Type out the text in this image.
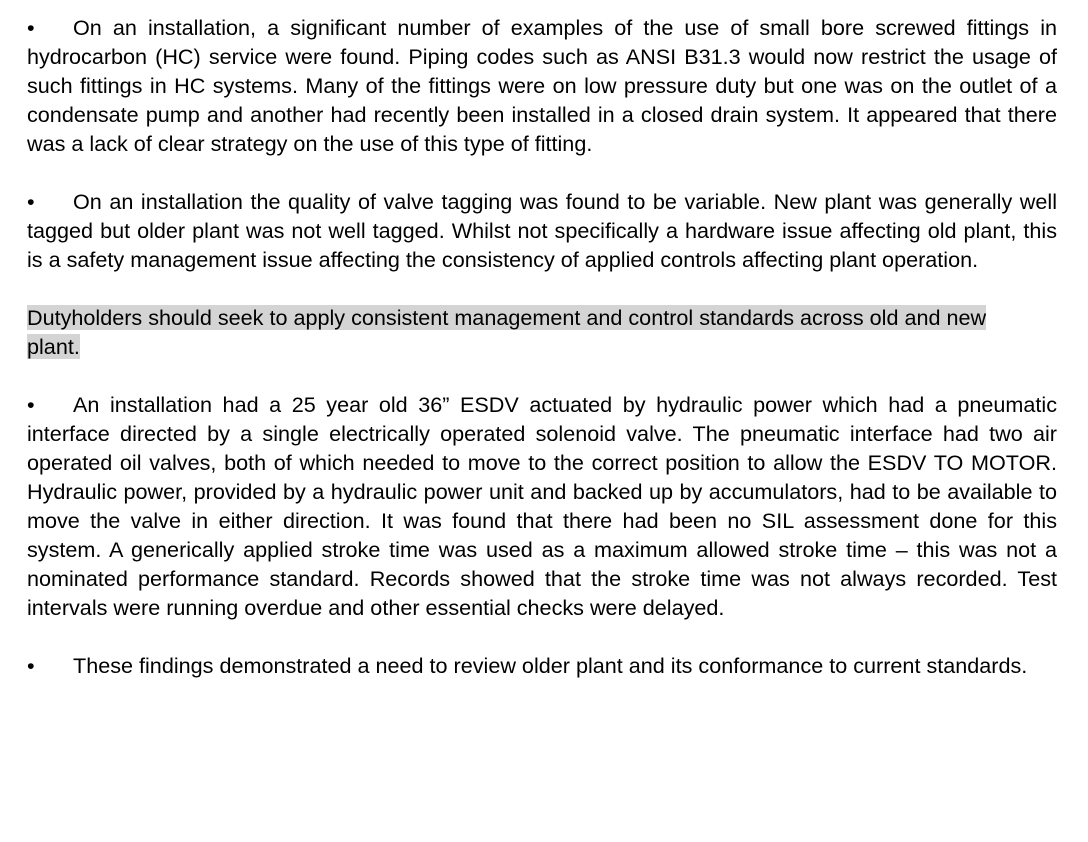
• On an installation, a significant number of examples of the use of small bore screwed fittings in hydrocarbon (HC) service were found. Piping codes such as ANSI B31.3 would now restrict the usage of such fittings in HC systems. Many of the fittings were on low pressure duty but one was on the outlet of a condensate pump and another had recently been installed in a closed drain system. It appeared that there was a lack of clear strategy on the use of this type of fitting.

• On an installation the quality of valve tagging was found to be variable. New plant was generally well tagged but older plant was not well tagged. Whilst not specifically a hardware issue affecting old plant, this is a safety management issue affecting the consistency of applied controls affecting plant operation.

Dutyholders should seek to apply consistent management and control standards across old and new plant.

• An installation had a 25 year old 36” ESDV actuated by hydraulic power which had a pneumatic interface directed by a single electrically operated solenoid valve. The pneumatic interface had two air operated oil valves, both of which needed to move to the correct position to allow the ESDV TO MOTOR. Hydraulic power, provided by a hydraulic power unit and backed up by accumulators, had to be available to move the valve in either direction. It was found that there had been no SIL assessment done for this system. A generically applied stroke time was used as a maximum allowed stroke time – this was not a nominated performance standard. Records showed that the stroke time was not always recorded. Test intervals were running overdue and other essential checks were delayed.

• These findings demonstrated a need to review older plant and its conformance to current standards.
